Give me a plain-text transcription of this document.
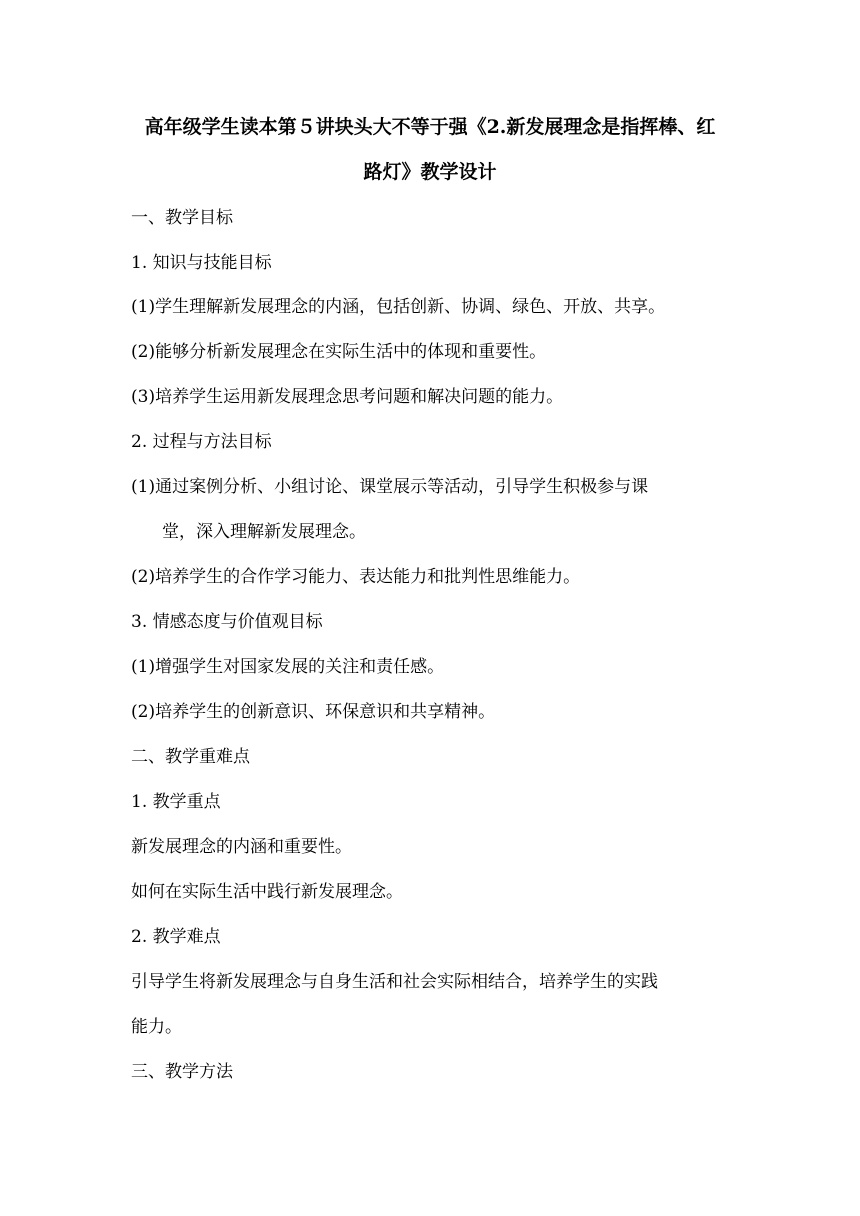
高年级学生读本第５讲块头大不等于强《2.新发展理念是指挥棒、红
路灯》教学设计
一、教学目标
1. 知识与技能目标
(1)学生理解新发展理念的内涵，包括创新、协调、绿色、开放、共享。
(2)能够分析新发展理念在实际生活中的体现和重要性。
(3)培养学生运用新发展理念思考问题和解决问题的能力。
2. 过程与方法目标
(1)通过案例分析、小组讨论、课堂展示等活动，引导学生积极参与课
堂，深入理解新发展理念。
(2)培养学生的合作学习能力、表达能力和批判性思维能力。
3. 情感态度与价值观目标
(1)增强学生对国家发展的关注和责任感。
(2)培养学生的创新意识、环保意识和共享精神。
二、教学重难点
1. 教学重点
新发展理念的内涵和重要性。
如何在实际生活中践行新发展理念。
2. 教学难点
引导学生将新发展理念与自身生活和社会实际相结合，培养学生的实践
能力。
三、教学方法
